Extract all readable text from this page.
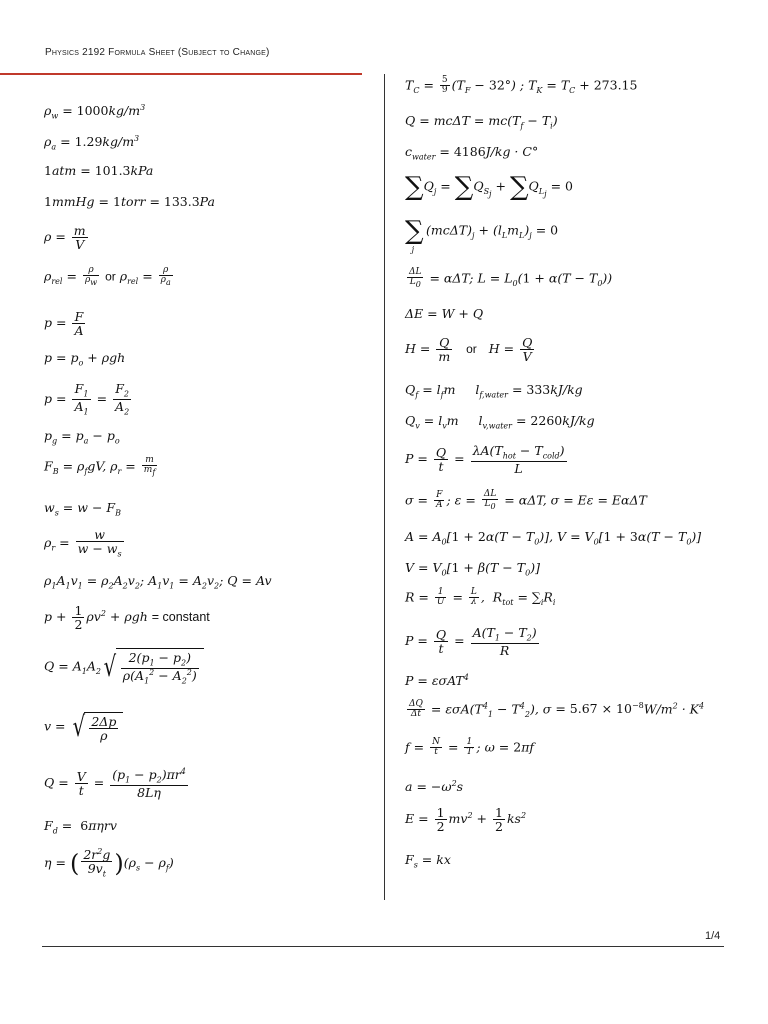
Physics 2192 Formula Sheet (Subject to Change)
$\rho_w = 1000kg/m^3$
$\rho_a = 1.29kg/m^3$
1atm = 101.3kPa
1mmHg = 1torr = 133.3Pa
$\rho = \frac{m}{V}$
$\rho_{rel} = \frac{\rho}{\rho_w}$ or $\rho_{rel} = \frac{\rho}{\rho_a}$
$p = \frac{F}{A}$
$p = p_o + \rho gh$
$p = \frac{F_1}{A_1} = \frac{F_2}{A_2}$
$p_g = p_a - p_o$
$F_B = \rho_fgV$, $\rho_r = \frac{m}{m_f}$
$w_s = w - F_B$
$\rho_r = \frac{w}{w - w_s}$
$\rho_1A_1v_1 = \rho_2A_2v_2$; $A_1v_1 = A_2v_2$; Q = Av
$p + \frac{1}{2} \rho v^2 + \rho gh$ = constant
$Q = A_1A_2√ \frac{2(p_1 - p_2)}{\rho(A_1^2 - A_2^2)}$
v = √ $\frac{2\Delta p}{\rho}$
$Q = \frac{V}{t} = \frac{(p_1 - p_2)\pi r^4}{8L\eta}$
$F_d = 6\pi\eta rv$
η = ( $\frac{2r^2g}{9v_t} )(\rho_s - \rho_f)$
$T_C = \frac{5}{9} (T_F - 32^\circ)$ ; $T_K = T_C + 273.15$
$Q = mc\Delta T = mc(T_f - T_i)$
$c_{water} = 4186J/kg \cdot C^\circ$
$\sum Q_j = \sum Q_{S_j} + \sum Q_{L_j} = 0$
$\sum_j(mc\Delta T)_j + (l_Lm_L)_j = 0$
$\frac{\Delta L}{L_0} = \alpha\Delta T$; $L = L_0(1 + \alpha(T - T_0))$
ΔE = W + Q
$H = \frac{Q}{m}$ or   $H = \frac{Q}{V}$
$Q_f = l_fm$     $l_{f,water} = 333kJ/kg$
$Q_v = l_vm$     $l_{v,water} = 2260kJ/kg$
$P = \frac{Q}{t} = \frac{\lambda A(T_{hot} - T_{cold})}{L}$
$\sigma = \frac{F}{A}$ ; $\varepsilon = \frac{\Delta L}{L_0} = \alpha\Delta T$, σ = Eε = EαΔT
$A = A_0[1 + 2\alpha(T - T_0)]$, $V = V_0[1 + 3\alpha(T - T_0)]$
$V = V_0[1 + \beta(T - T_0)]$
$R = \frac{1}{U} = \frac{L}{\lambda}$ ,  $R_{tot} = \sum_iR_i$
$P = \frac{Q}{t} = \frac{A(T_1 - T_2)}{R}$
P = εσAT$^4$
$\frac{\Delta Q}{\Delta t} = \varepsilon\sigma A(T^4_1 - T^4_2)$, $\sigma = 5.67 \times 10^{-8}W/m^2 \cdot K^4$
$f = \frac{N}{t} = \frac{1}{T}$ ; ω = 2πf
$a = -\omega^2s$
$E = \frac{1}{2} mv^2 + \frac{1}{2} ks^2$
$F_s$ = kx
1/4
